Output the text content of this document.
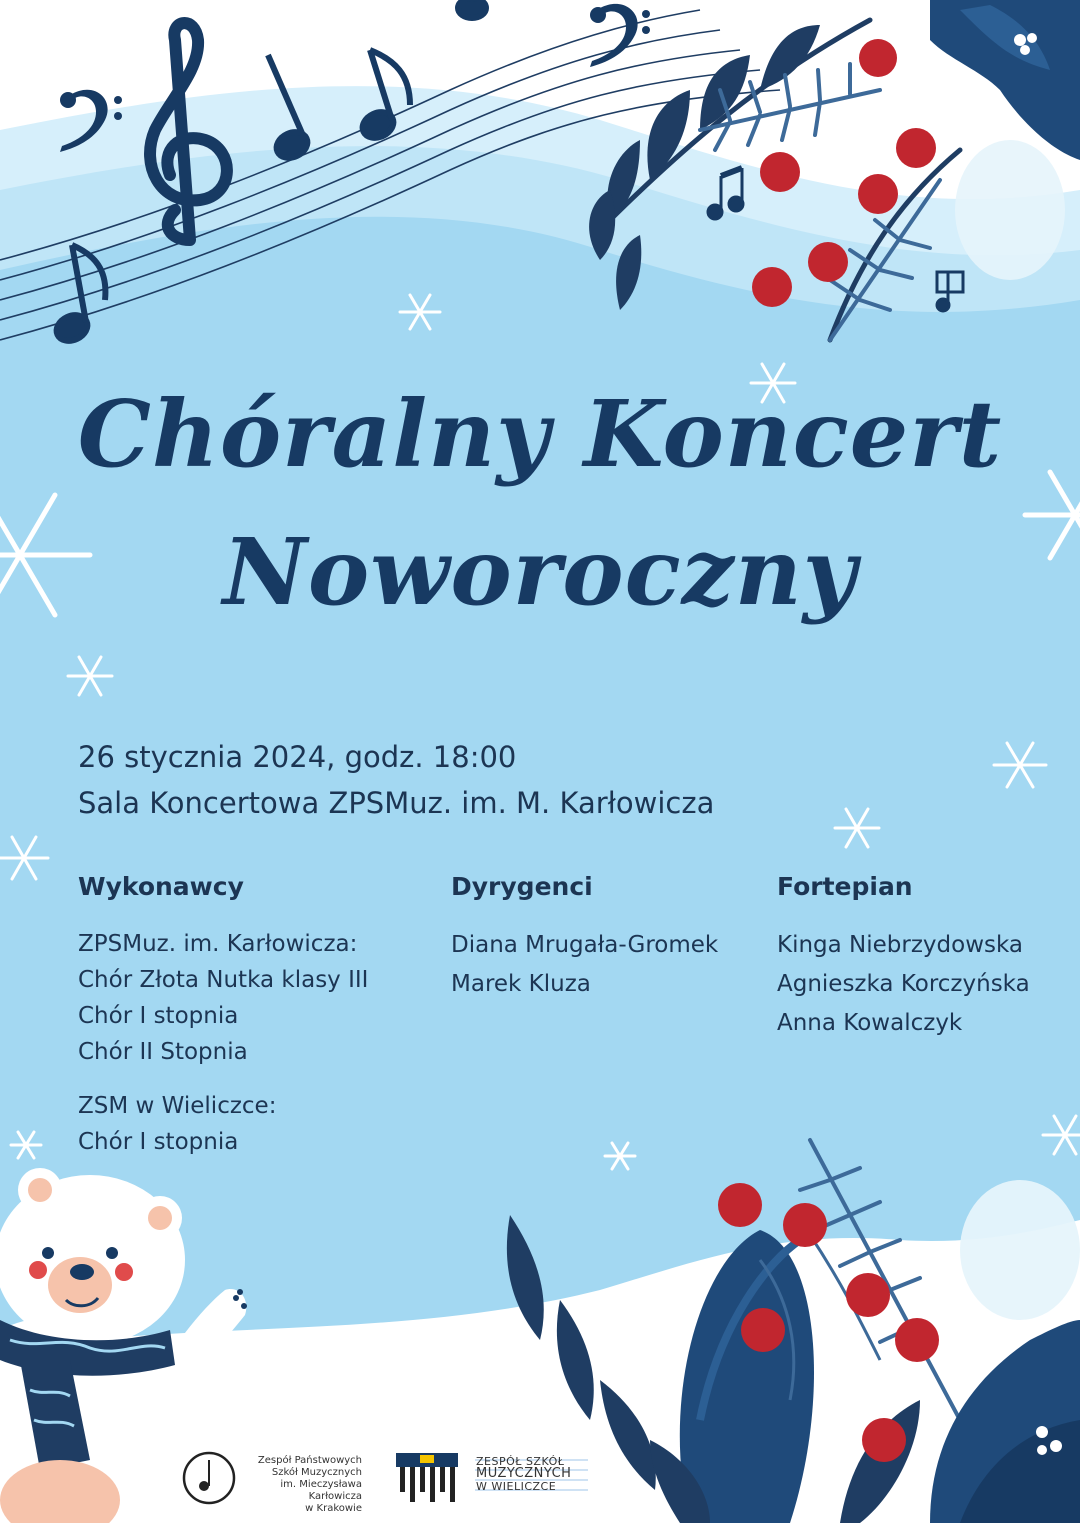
Chóralny Koncert
Noworoczny
26 stycznia 2024, godz. 18:00
Sala Koncertowa ZPSMuz. im. M. Karłowicza
Wykonawcy	Dyrygenci	Fortepian
ZPSMuz. im. Karłowicza:
Chór Złota Nutka klasy III
Chór I stopnia
Chór II Stopnia
ZSM w Wieliczce:
Chór I stopnia
Diana Mrugała-Gromek
Marek Kluza
Kinga Niebrzydowska
Agnieszka Korczyńska
Anna Kowalczyk
Zespół Państwowych
Szkół Muzycznych
im. Mieczysława Karłowicza
w Krakowie
ZESPÓŁ SZKÓŁ
MUZYCZNYCH
W WIELICZCE
